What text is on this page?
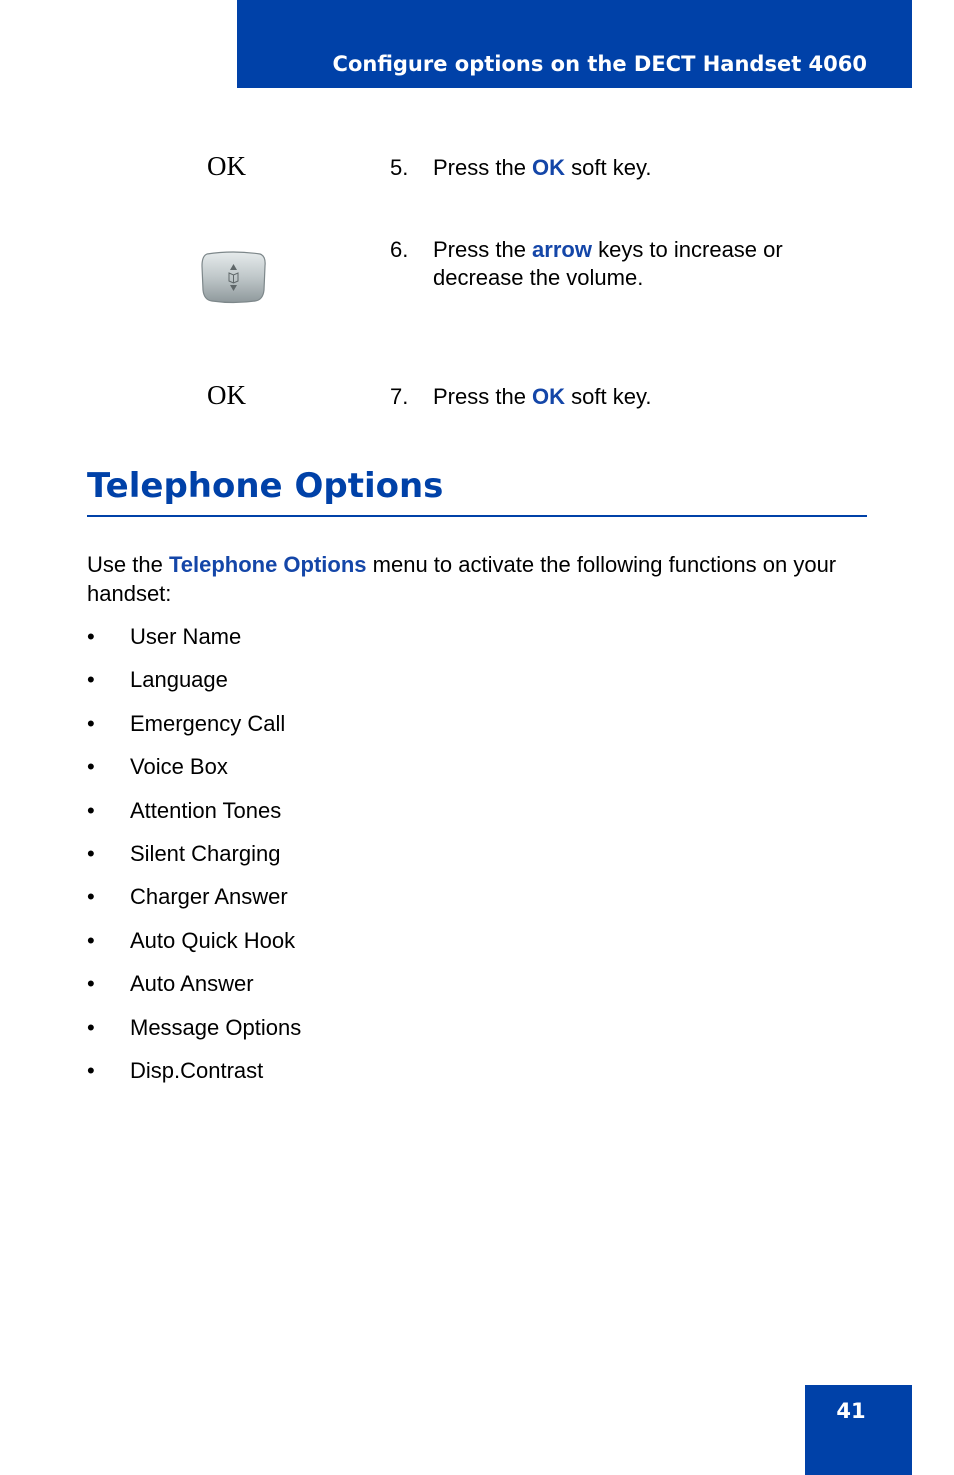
Configure options on the DECT Handset 4060
OK	5. Press the OK soft key.
6. Press the arrow keys to increase or decrease the volume.
OK	7. Press the OK soft key.
Telephone Options

Use the Telephone Options menu to activate the following functions on your handset:

• User Name
• Language
• Emergency Call
• Voice Box
• Attention Tones
• Silent Charging
• Charger Answer
• Auto Quick Hook
• Auto Answer
• Message Options
• Disp.Contrast
41
